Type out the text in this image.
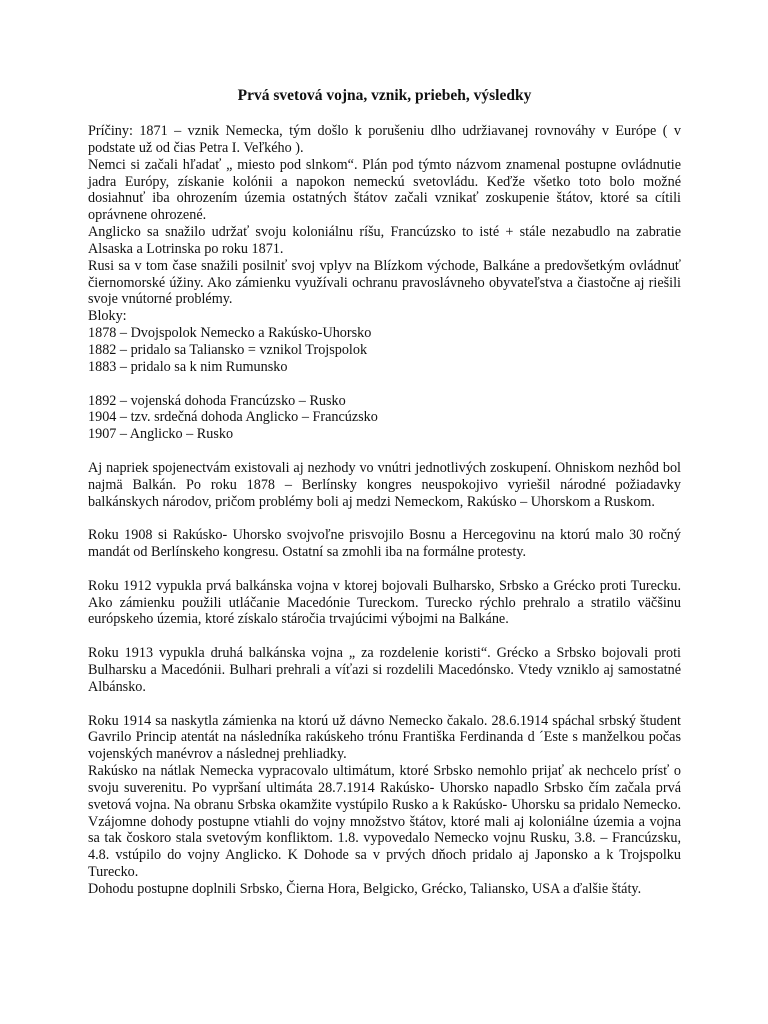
Prvá svetová vojna, vznik, priebeh, výsledky

Príčiny: 1871 – vznik Nemecka, tým došlo k porušeniu dlho udržiavanej rovnováhy v Európe ( v podstate už od čias Petra I. Veľkého ).

Nemci si začali hľadať „ miesto pod slnkom“. Plán pod týmto názvom znamenal postupne ovládnutie jadra Európy, získanie kolónii a napokon nemeckú svetovládu. Keďže všetko toto bolo možné dosiahnuť iba ohrozením územia ostatných štátov začali vznikať zoskupenie štátov, ktoré sa cítili oprávnene ohrozené.

Anglicko sa snažilo udržať svoju koloniálnu ríšu, Francúzsko to isté + stále nezabudlo na zabratie Alsaska a Lotrinska po roku 1871.

Rusi sa v tom čase snažili posilniť svoj vplyv na Blízkom východe, Balkáne a predovšetkým ovládnuť čiernomorské úžiny. Ako zámienku využívali ochranu pravoslávneho obyvateľstva a čiastočne aj riešili svoje vnútorné problémy.

Bloky:

1878 – Dvojspolok Nemecko a Rakúsko-Uhorsko

1882 – pridalo sa Taliansko = vznikol Trojspolok

1883 – pridalo sa k nim Rumunsko

1892 – vojenská dohoda Francúzsko – Rusko

1904 – tzv. srdečná dohoda Anglicko – Francúzsko

1907 – Anglicko – Rusko

Aj napriek spojenectvám existovali aj nezhody vo vnútri jednotlivých zoskupení. Ohniskom nezhôd bol najmä Balkán. Po roku 1878 – Berlínsky kongres neuspokojivo vyriešil národné požiadavky balkánskych národov, pričom problémy boli aj medzi Nemeckom, Rakúsko – Uhorskom a Ruskom.

Roku 1908 si Rakúsko- Uhorsko svojvoľne prisvojilo Bosnu a Hercegovinu na ktorú malo 30 ročný mandát od Berlínskeho kongresu. Ostatní sa zmohli iba na formálne protesty.

Roku 1912 vypukla prvá balkánska vojna v ktorej bojovali Bulharsko, Srbsko a Grécko proti Turecku. Ako zámienku použili utláčanie Macedónie Tureckom. Turecko rýchlo prehralo a stratilo väčšinu európskeho územia, ktoré získalo stáročia trvajúcimi výbojmi na Balkáne.

Roku 1913 vypukla druhá balkánska vojna „ za rozdelenie koristi“. Grécko a Srbsko bojovali proti Bulharsku a Macedónii. Bulhari prehrali a víťazi si rozdelili Macedónsko. Vtedy vzniklo aj samostatné Albánsko.

Roku 1914 sa naskytla zámienka na ktorú už dávno Nemecko čakalo. 28.6.1914 spáchal srbský študent Gavrilo Princip atentát na následníka rakúskeho trónu Františka Ferdinanda d ´Este s manželkou počas vojenských manévrov a následnej prehliadky.

Rakúsko na nátlak Nemecka vypracovalo ultimátum, ktoré Srbsko nemohlo prijať ak nechcelo prísť o svoju suverenitu. Po vypršaní ultimáta 28.7.1914 Rakúsko- Uhorsko napadlo Srbsko čím začala prvá svetová vojna. Na obranu Srbska okamžite vystúpilo Rusko a k Rakúsko- Uhorsku sa pridalo Nemecko. Vzájomne dohody postupne vtiahli do vojny množstvo štátov, ktoré mali aj koloniálne územia a vojna sa tak čoskoro stala svetovým konfliktom. 1.8. vypovedalo Nemecko vojnu Rusku, 3.8. – Francúzsku, 4.8. vstúpilo do vojny Anglicko. K Dohode sa v prvých dňoch pridalo aj Japonsko a k Trojspolku Turecko.

Dohodu postupne doplnili Srbsko, Čierna Hora, Belgicko, Grécko, Taliansko, USA a ďalšie štáty.
